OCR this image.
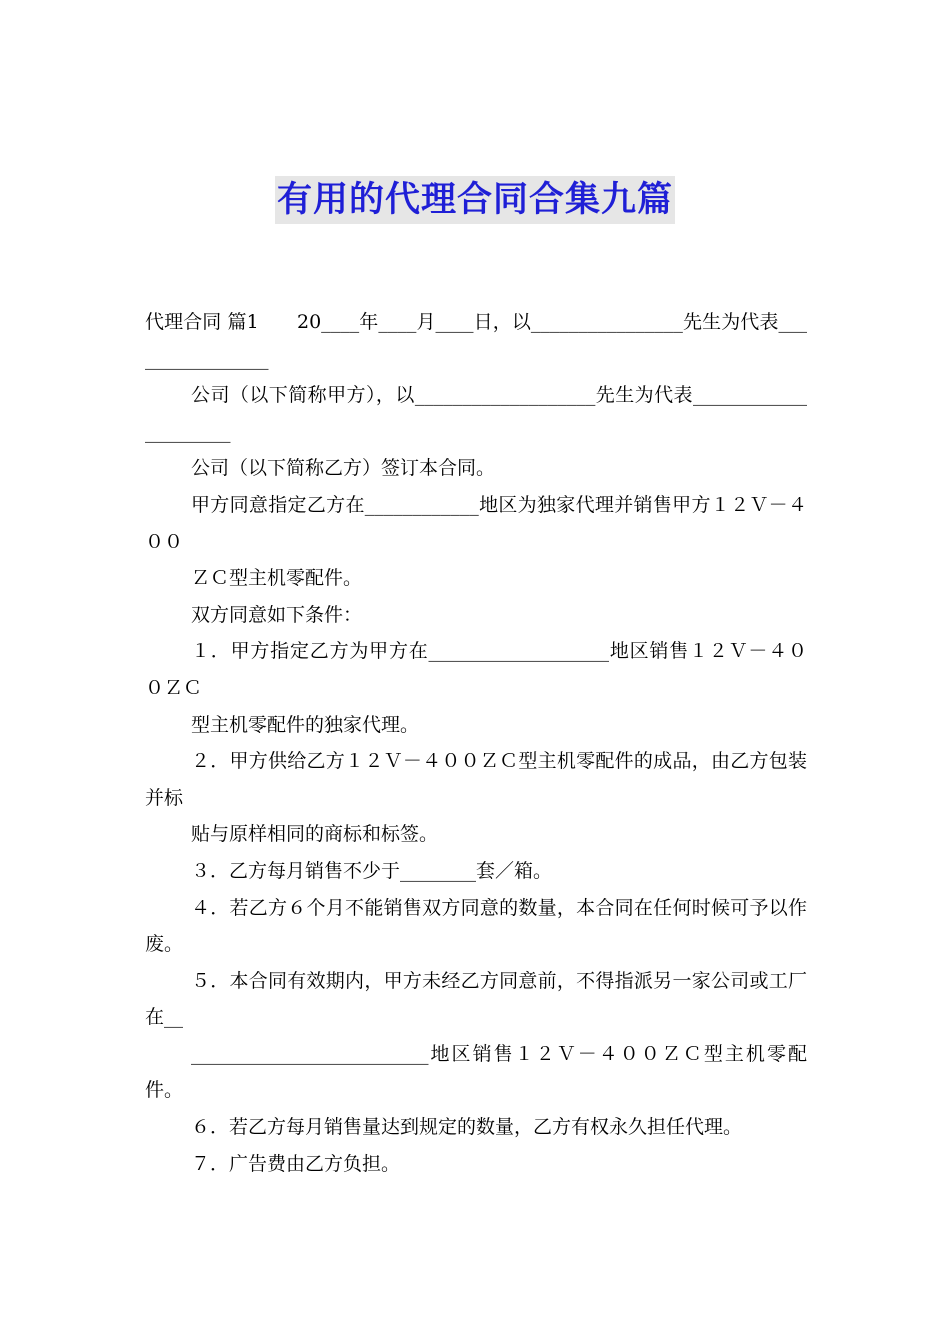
有用的代理合同合集九篇

代理合同 篇1　　20____年____月____日，以________________先生为代表________________

公司（以下简称甲方），以___________________先生为代表_____________________

公司（以下简称乙方）签订本合同。

甲方同意指定乙方在____________地区为独家代理并销售甲方１２Ｖ－４００

ＺＣ型主机零配件。

双方同意如下条件：

１．甲方指定乙方为甲方在___________________地区销售１２Ｖ－４００ＺＣ

型主机零配件的独家代理。

２．甲方供给乙方１２Ｖ－４００ＺＣ型主机零配件的成品，由乙方包装并标

贴与原样相同的商标和标签。

３．乙方每月销售不少于________套／箱。

４．若乙方６个月不能销售双方同意的数量，本合同在任何时候可予以作废。

５．本合同有效期内，甲方未经乙方同意前，不得指派另一家公司或工厂在__

_________________________地区销售１２Ｖ－４００ＺＣ型主机零配件。

６．若乙方每月销售量达到规定的数量，乙方有权永久担任代理。

７．广告费由乙方负担。
